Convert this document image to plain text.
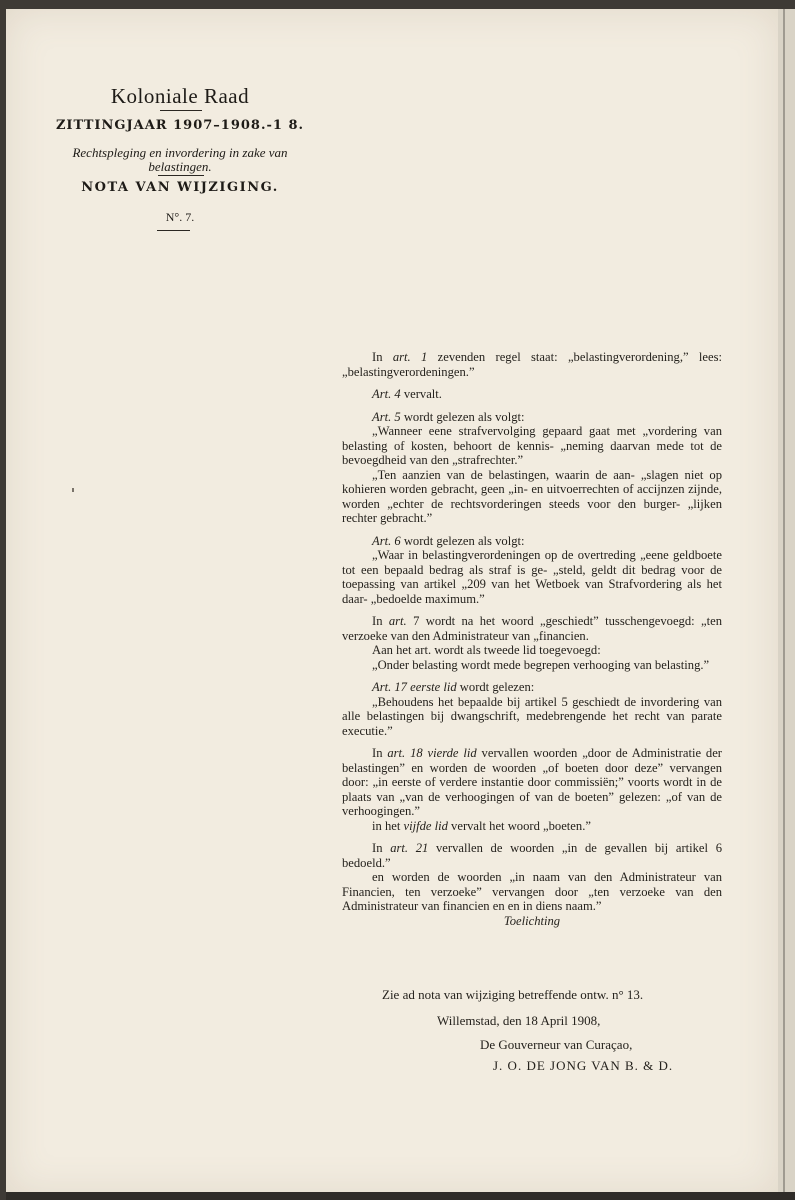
Koloniale Raad
ZITTINGJAAR 1907–1908.-1 8.
Rechtspleging en invordering in zake van belastingen.
NOTA VAN WIJZIGING.
N°. 7.

In art. 1 zevenden regel staat: „belastingverordening,” lees: „belastingverordeningen.”

Art. 4 vervalt.

Art. 5 wordt gelezen als volgt:

„Wanneer eene strafvervolging gepaard gaat met „vordering van belasting of kosten, behoort de kennis- „neming daarvan mede tot de bevoegdheid van den „strafrechter.”

„Ten aanzien van de belastingen, waarin de aan- „slagen niet op kohieren worden gebracht, geen „in- en uitvoerrechten of accijnzen zijnde, worden „echter de rechtsvorderingen steeds voor den burger- „lijken rechter gebracht.”

Art. 6 wordt gelezen als volgt:

„Waar in belastingverordeningen op de overtreding „eene geldboete tot een bepaald bedrag als straf is ge- „steld, geldt dit bedrag voor de toepassing van artikel „209 van het Wetboek van Strafvordering als het daar- „bedoelde maximum.”

In art. 7 wordt na het woord „geschiedt” tusschengevoegd: „ten verzoeke van den Administrateur van „financien.

Aan het art. wordt als tweede lid toegevoegd:

„Onder belasting wordt mede begrepen verhooging van belasting.”

Art. 17 eerste lid wordt gelezen:

„Behoudens het bepaalde bij artikel 5 geschiedt de invordering van alle belastingen bij dwangschrift, medebrengende het recht van parate executie.”

In art. 18 vierde lid vervallen woorden „door de Administratie der belastingen” en worden de woorden „of boeten door deze” vervangen door: „in eerste of verdere instantie door commissiën;” voorts wordt in de plaats van „van de verhoogingen of van de boeten” gelezen: „of van de verhoogingen.”

in het vijfde lid vervalt het woord „boeten.”

In art. 21 vervallen de woorden „in de gevallen bij artikel 6 bedoeld.”

en worden de woorden „in naam van den Administrateur van Financien, ten verzoeke” vervangen door „ten verzoeke van den Administrateur van financien en en in diens naam.”

Toelichting

Zie ad nota van wijziging betreffende ontw. n° 13.
Willemstad, den 18 April 1908,
De Gouverneur van Curaçao,
J. O. DE JONG VAN B. & D.
